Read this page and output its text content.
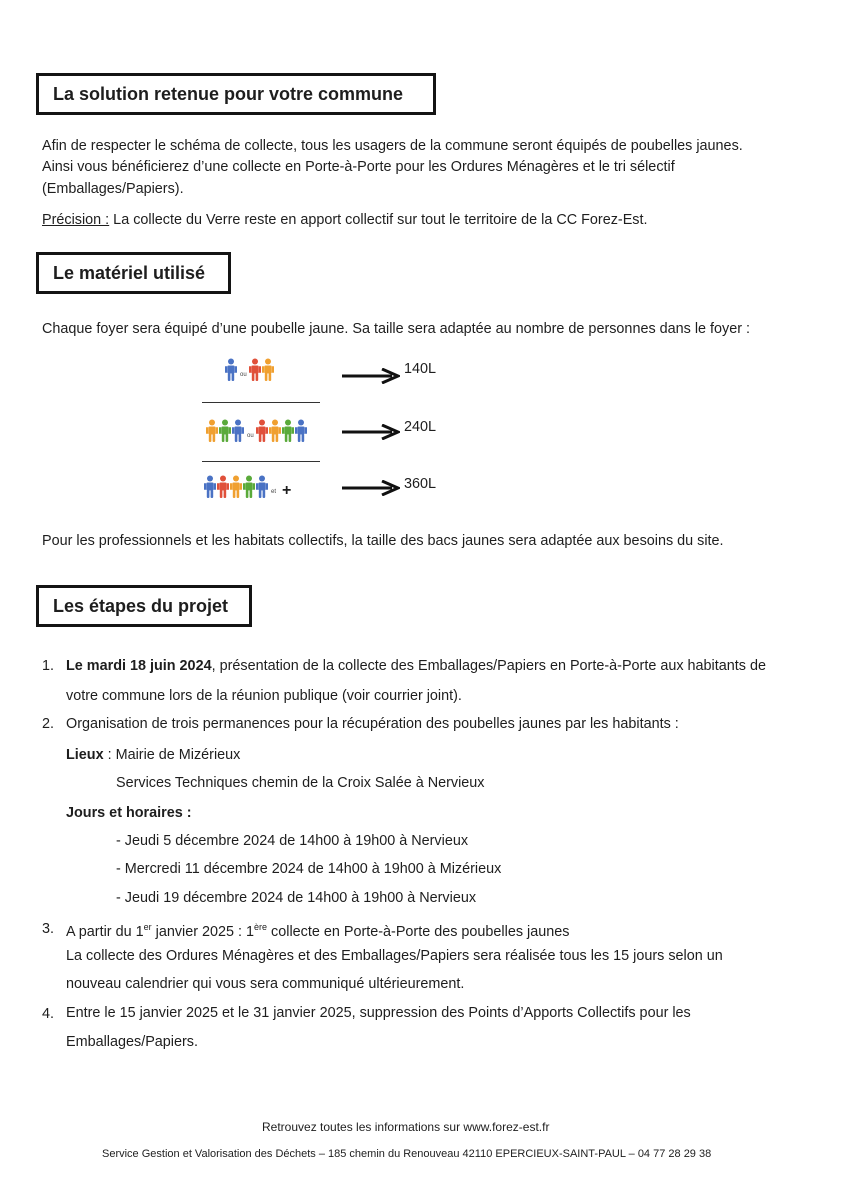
La solution retenue pour votre commune
Afin de respecter le schéma de collecte, tous les usagers de la commune seront équipés de poubelles jaunes.
Ainsi vous bénéficierez d’une collecte en Porte-à-Porte pour les Ordures Ménagères et le tri sélectif
(Emballages/Papiers).
Précision : La collecte du Verre reste en apport collectif sur tout le territoire de la CC Forez-Est.
Le matériel utilisé
Chaque foyer sera équipé d’une poubelle jaune. Sa taille sera adaptée au nombre de personnes dans le foyer :
ou	140L
ou
240L
et +	360L
Pour les professionnels et les habitats collectifs, la taille des bacs jaunes sera adaptée aux besoins du site.
Les étapes du projet
1. Le mardi 18 juin 2024, présentation de la collecte des Emballages/Papiers en Porte-à-Porte aux habitants de
votre commune lors de la réunion publique (voir courrier joint).
2. Organisation de trois permanences pour la récupération des poubelles jaunes par les habitants :
Lieux : Mairie de Mizérieux
Services Techniques chemin de la Croix Salée à Nervieux
Jours et horaires :
- Jeudi 5 décembre 2024 de 14h00 à 19h00 à Nervieux
- Mercredi 11 décembre 2024 de 14h00 à 19h00 à Mizérieux
- Jeudi 19 décembre 2024 de 14h00 à 19h00 à Nervieux
3. A partir du 1er janvier 2025 : 1ère collecte en Porte-à-Porte des poubelles jaunes
La collecte des Ordures Ménagères et des Emballages/Papiers sera réalisée tous les 15 jours selon un
nouveau calendrier qui vous sera communiqué ultérieurement.
4. Entre le 15 janvier 2025 et le 31 janvier 2025, suppression des Points d’Apports Collectifs pour les
Emballages/Papiers.
Retrouvez toutes les informations sur www.forez-est.fr
Service Gestion et Valorisation des Déchets – 185 chemin du Renouveau 42110 EPERCIEUX-SAINT-PAUL – 04 77 28 29 38
